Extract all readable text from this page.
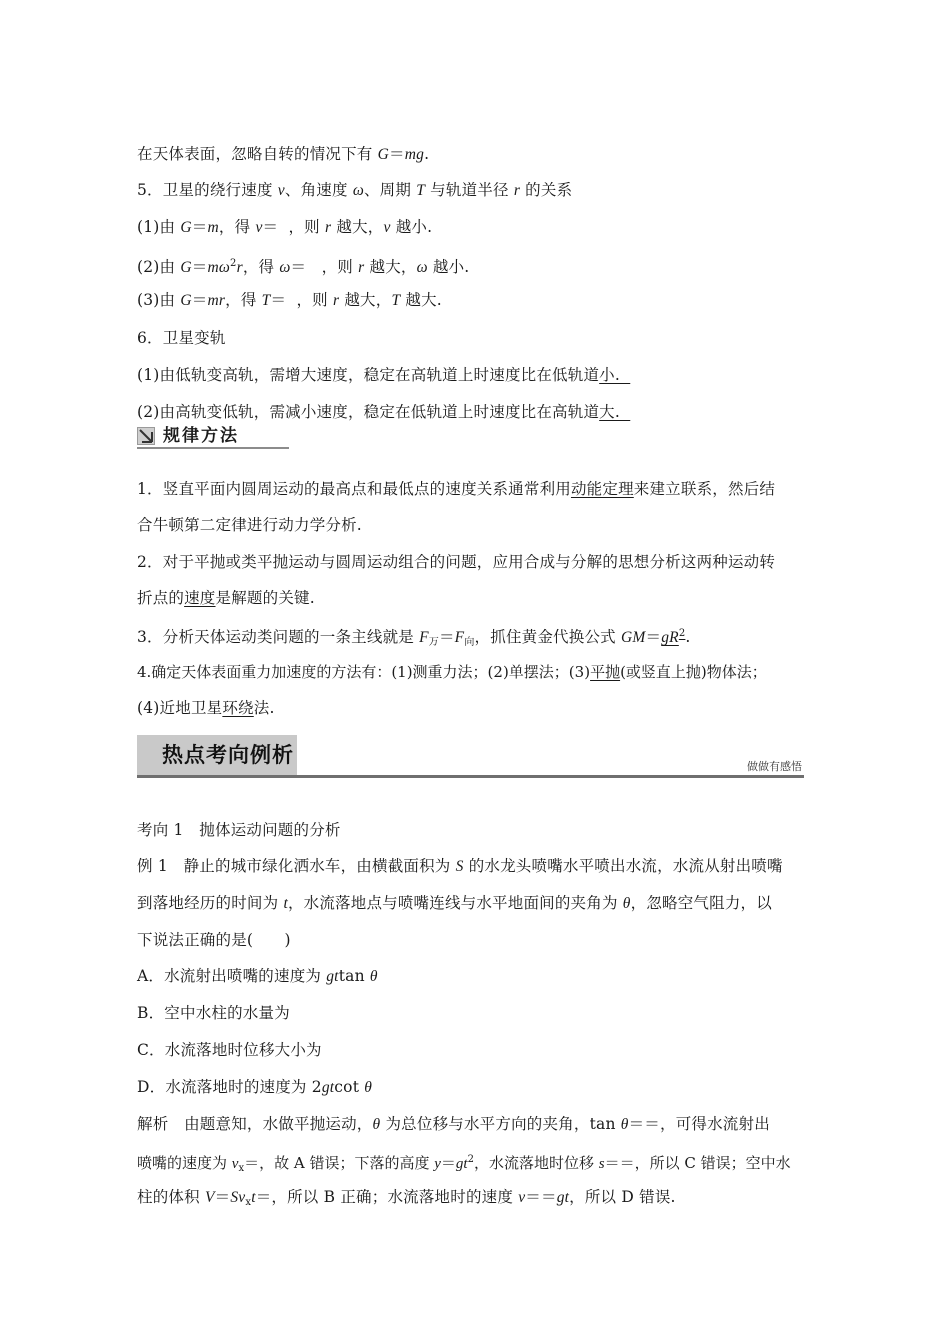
在天体表面，忽略自转的情况下有 G＝mg.
5．卫星的绕行速度 v、角速度 ω、周期 T 与轨道半径 r 的关系
(1)由 G＝m，得 v＝  ，则 r 越大，v 越小.
(2)由 $G=m\omega^2r$，得 ω＝   ，则 r 越大，ω 越小.
(3)由 G＝mr，得 T＝  ，则 r 越大，T 越大.
6．卫星变轨
(1)由低轨变高轨，需增大速度，稳定在高轨道上时速度比在低轨道小.
(2)由高轨变低轨，需减小速度，稳定在低轨道上时速度比在高轨道大.
规律方法
1．竖直平面内圆周运动的最高点和最低点的速度关系通常利用动能定理来建立联系，然后结
合牛顿第二定律进行动力学分析.
2．对于平抛或类平抛运动与圆周运动组合的问题，应用合成与分解的思想分析这两种运动转
折点的速度是解题的关键.
3．分析天体运动类问题的一条主线就是 $F_万=F_向$，抓住黄金代换公式 $GM=gR^2$.
4.确定天体表面重力加速度的方法有：(1)测重力法；(2)单摆法；(3)平抛(或竖直上抛)物体法；
(4)近地卫星环绕法.
热点考向例析	做做有感悟
考向 1　抛体运动问题的分析
例 1　静止的城市绿化洒水车，由横截面积为 S 的水龙头喷嘴水平喷出水流，水流从射出喷嘴
到落地经历的时间为 t，水流落地点与喷嘴连线与水平地面间的夹角为 θ，忽略空气阻力，以
下说法正确的是(　　)
A．水流射出喷嘴的速度为 gttan θ
B．空中水柱的水量为
C．水流落地时位移大小为
D．水流落地时的速度为 2gtcot θ
解析　由题意知，水做平抛运动，θ 为总位移与水平方向的夹角，tan θ＝＝，可得水流射出
喷嘴的速度为 $v_x=$，故 A 错误；下落的高度 $y=gt^2$，水流落地时位移 s＝＝，所以 C 错误；空中水
柱的体积 $V=Sv_xt=$，所以 B 正确；水流落地时的速度 v＝＝gt，所以 D 错误.
